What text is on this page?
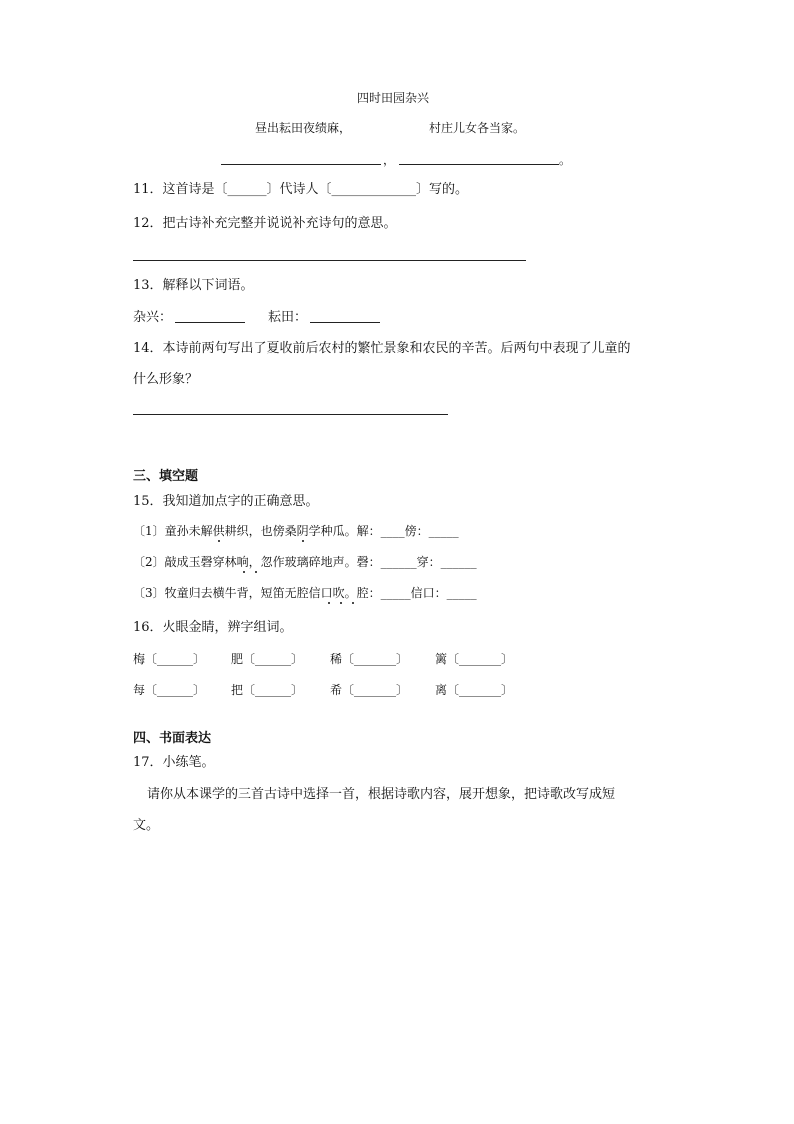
四时田园杂兴
昼出耘田夜绩麻，	村庄儿女各当家。
，	。
11．这首诗是〔______〕代诗人〔_____________〕写的。
12．把古诗补充完整并说说补充诗句的意思。
13．解释以下词语。
杂兴：	耘田：
14．本诗前两句写出了夏收前后农村的繁忙景象和农民的辛苦。后两句中表现了儿童的
什么形象？
三、填空题
15．我知道加点字的正确意思。
〔1〕童孙未解供耕织，也傍桑阴学种瓜。解：____傍：_____
〔2〕敲成玉磬穿林响，忽作玻璃碎地声。磬：______穿：______
〔3〕牧童归去横牛背，短笛无腔信口吹。腔：_____信口：_____
16．火眼金睛，辨字组词。
梅〔______〕 肥〔______〕 稀〔_______〕 篱〔_______〕
每〔______〕 把〔______〕 希〔_______〕 离〔_______〕
四、书面表达
17．小练笔。
请你从本课学的三首古诗中选择一首，根据诗歌内容，展开想象，把诗歌改写成短
文。
